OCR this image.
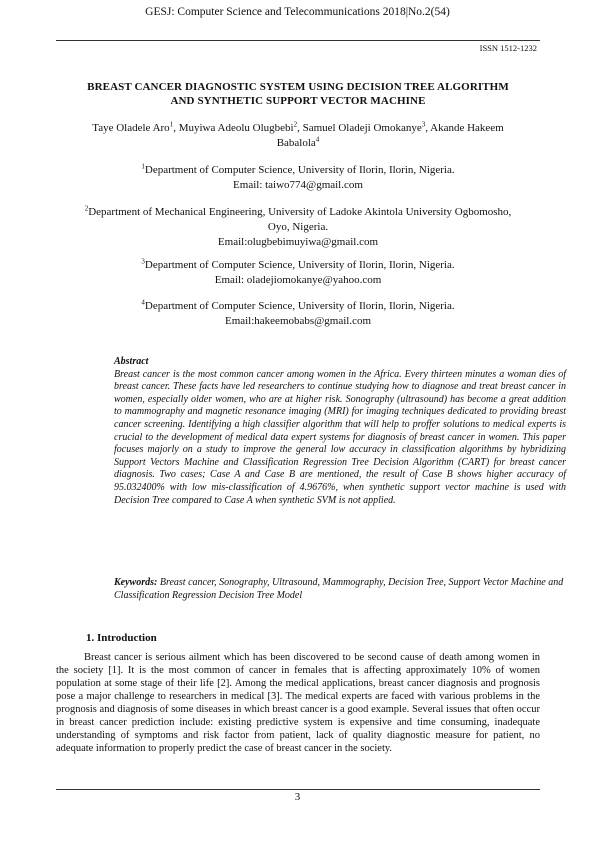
GESJ: Computer Science and Telecommunications 2018|No.2(54)
ISSN 1512-1232
BREAST CANCER DIAGNOSTIC SYSTEM USING DECISION TREE ALGORITHM
AND SYNTHETIC SUPPORT VECTOR MACHINE
Taye Oladele Aro$^1$, Muyiwa Adeolu Olugbebi$^2$, Samuel Oladeji Omokanye$^3$, Akande Hakeem
Babalola$^4$
$^1$Department of Computer Science, University of Ilorin, Ilorin, Nigeria.
Email: taiwo774@gmail.com
$^2$Department of Mechanical Engineering, University of Ladoke Akintola University Ogbomosho,
Oyo, Nigeria.
Email:olugbebimuyiwa@gmail.com
$^3$Department of Computer Science, University of Ilorin, Ilorin, Nigeria.
Email: oladejiomokanye@yahoo.com
$^4$Department of Computer Science, University of Ilorin, Ilorin, Nigeria.
Email:hakeemobabs@gmail.com
Abstract
Breast cancer is the most common cancer among women in the Africa. Every thirteen minutes a woman dies of breast cancer. These facts have led researchers to continue studying how to diagnose and treat breast cancer in women, especially older women, who are at higher risk. Sonography (ultrasound) has become a great addition to mammography and magnetic resonance imaging (MRI) for imaging techniques dedicated to providing breast cancer screening. Identifying a high classifier algorithm that will help to proffer solutions to medical experts is crucial to the development of medical data expert systems for diagnosis of breast cancer in women. This paper focuses majorly on a study to improve the general low accuracy in classification algorithms by hybridizing Support Vectors Machine and Classification Regression Tree Decision Algorithm (CART) for breast cancer diagnosis. Two cases; Case A and Case B are mentioned, the result of Case B shows higher accuracy of 95.032400% with low mis-classification of 4.9676%, when synthetic support vector machine is used with Decision Tree compared to Case A when synthetic SVM is not applied.
Keywords: Breast cancer, Sonography, Ultrasound, Mammography, Decision Tree, Support Vector Machine and Classification Regression Decision Tree Model
1. Introduction
Breast cancer is serious ailment which has been discovered to be second cause of death among women in the society [1]. It is the most common of cancer in females that is affecting approximately 10% of women population at some stage of their life [2]. Among the medical applications, breast cancer diagnosis and prognosis pose a major challenge to researchers in medical [3]. The medical experts are faced with various problems in the prognosis and diagnosis of some diseases in which breast cancer is a good example. Several issues that often occur in breast cancer prediction include: existing predictive system is expensive and time consuming, inadequate understanding of symptoms and risk factor from patient, lack of quality diagnostic measure for patient, no adequate information to properly predict the case of breast cancer in the society.
3
